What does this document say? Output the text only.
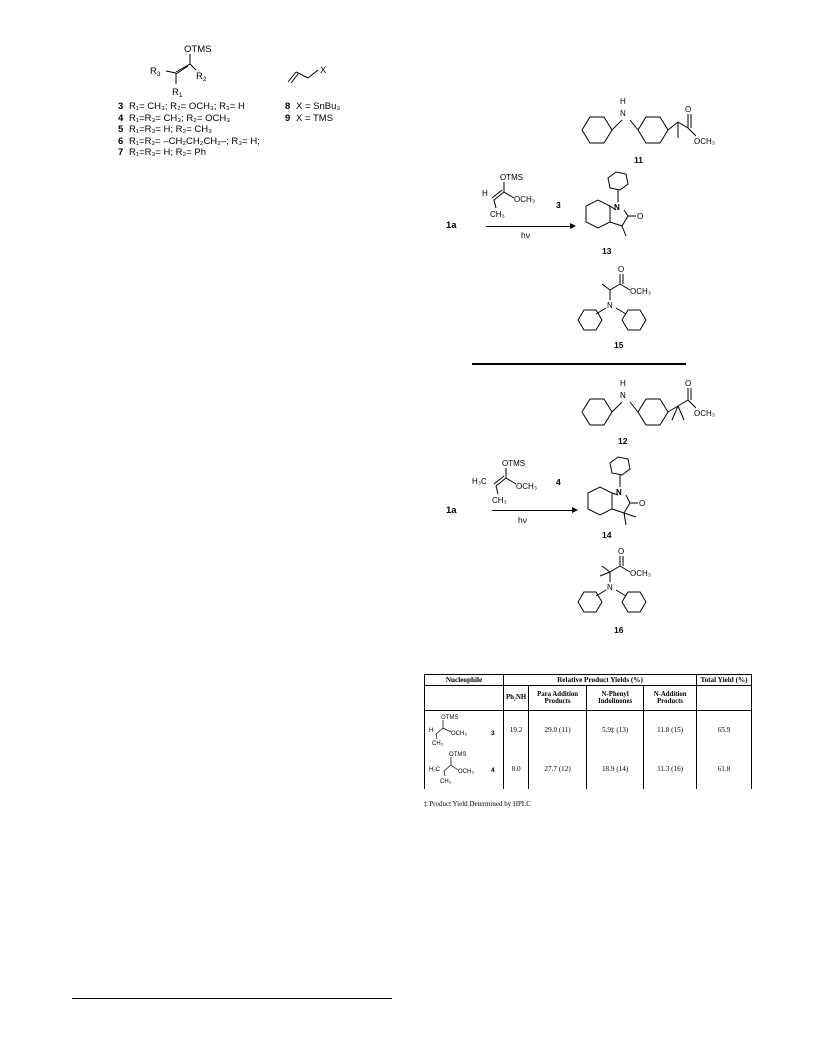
OTMS
$R_3$	$R_2$
$R_1$
X
3 R₁= CH₃; R₂= OCH₃; R₃= H
4 R₁=R₃= CH₃; R₂= OCH₃
5 R₁=R₃= H; R₂= CH₃
6 R₁=R₂= –CH₂CH₂CH₂–; R₃= H;
7 R₁=R₃= H; R₂= Ph
8 X = SnBu₃
9 X = TMS	N
H
O
OCH₃
11
OTMS
OCH₃
H
CH₃
3
1a
hν
N
O
13
O
OCH₃
N
15
N
H	O
OCH₃
12
OTMS
OCH₃
H₃C
CH₃
4
1a
hν
N
O
14
O
OCH₃
N
16
Nucleophile	Relative Product Yields (%)				Total Yield (%)
	Ph₂NH	Para Addition Products	N-Phenyl Indolinones	N-Addition Products	

OTMS
OCH₃
H
CH₃
3	19.2	29.0 (11)	5.9‡ (13)	11.8 (15)	65.9

OTMS
OCH₃
H₃C
CH₃
4	8.0	27.7 (12)	18.9 (14)	11.3 (16)	61.8
‡ Product Yield Determined by HPLC
